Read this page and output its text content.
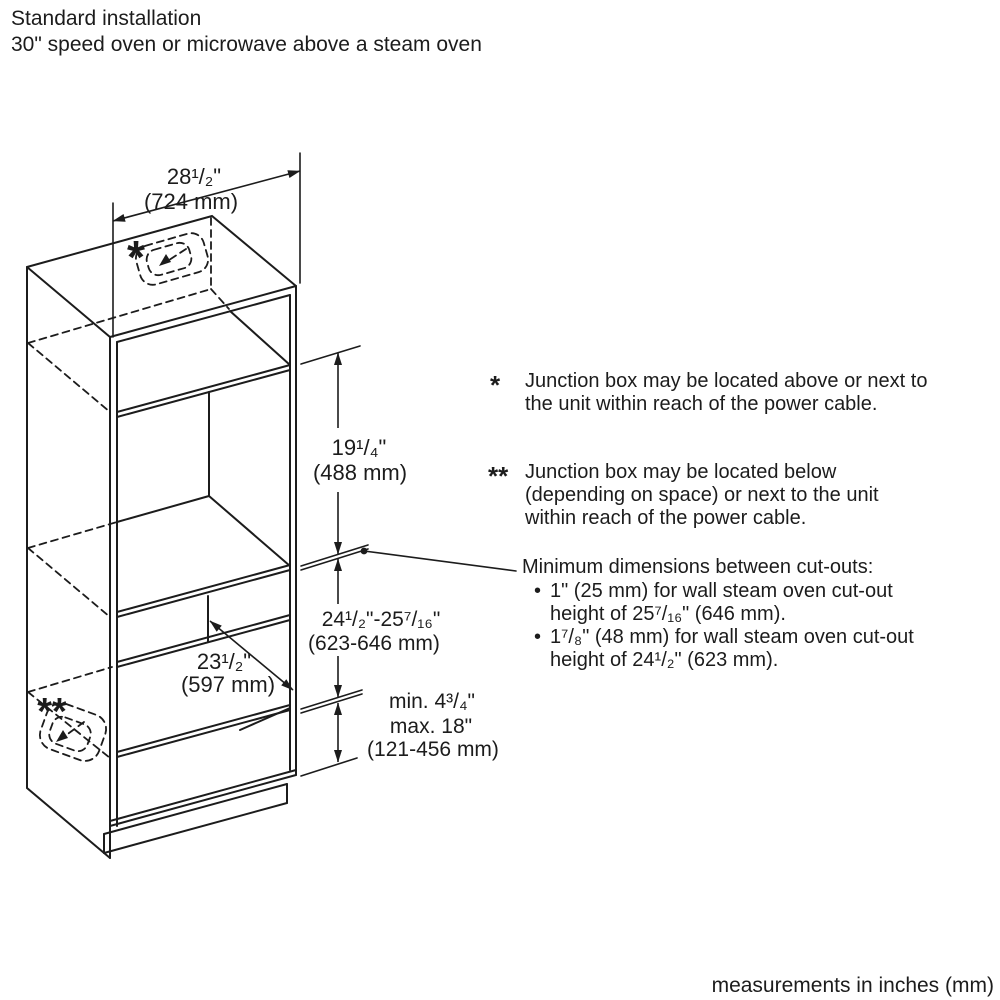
Standard installation
30" speed oven or microwave above a steam oven
*
**
28¹/₂"
(724 mm)
19¹/₄"
(488 mm)
24¹/₂"-25⁷/₁₆"
(623-646 mm)
min. 4³/₄"
max. 18"
(121-456 mm)
23¹/₂"
(597 mm)
*	Junction box may be located above or next to the unit within reach of the power cable.
** Junction box may be located below (depending on space) or next to the unit within reach of the power cable.
Minimum dimensions between cut-outs:
• 1" (25 mm) for wall steam oven cut-out height of 25⁷/₁₆" (646 mm).
• 1⁷/₈" (48 mm) for wall steam oven cut-out height of 24¹/₂" (623 mm).
measurements in inches (mm)
